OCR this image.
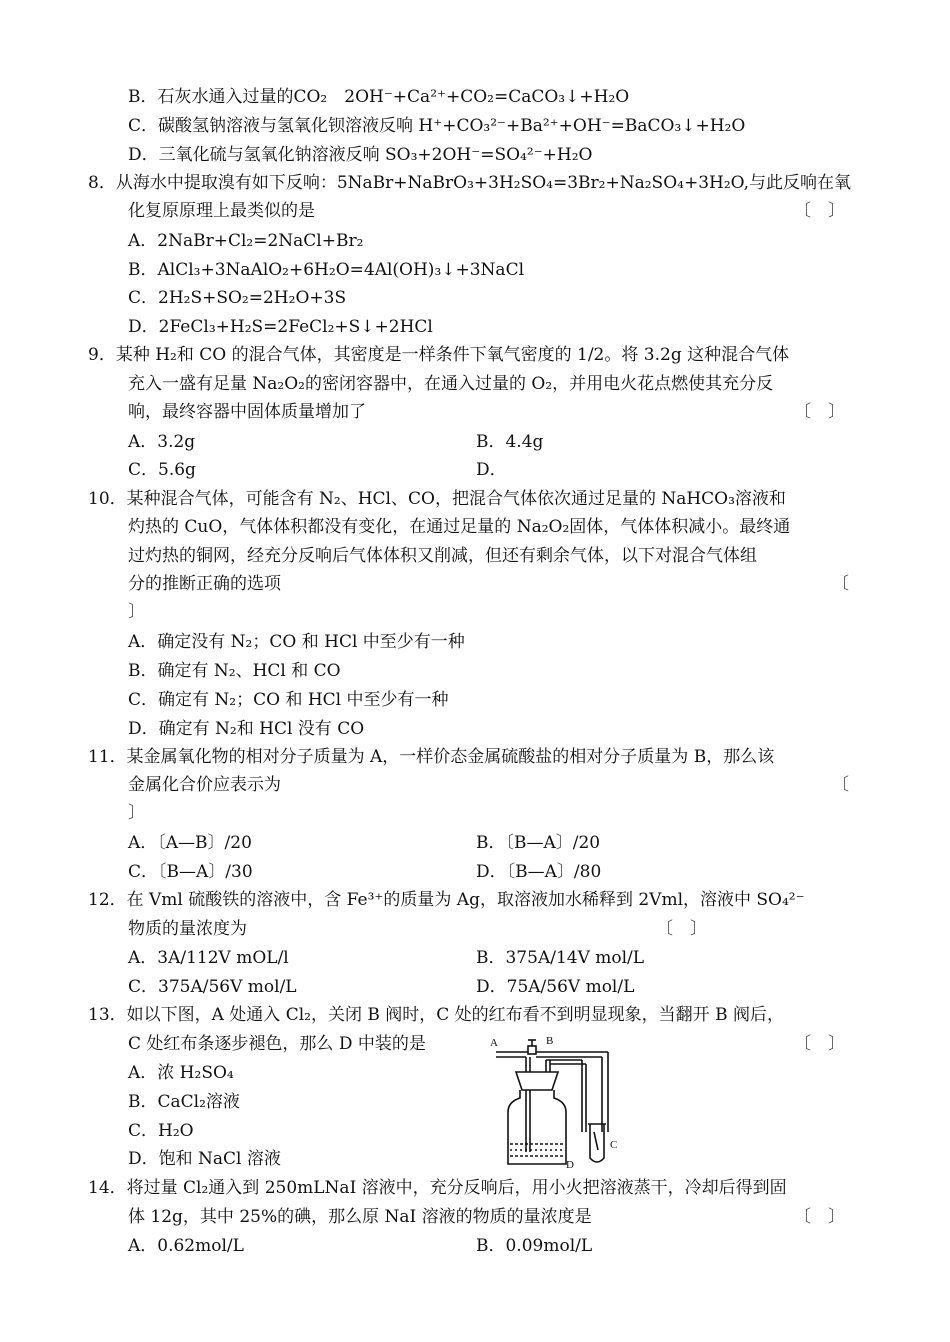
B．石灰水通入过量的CO₂　2OH⁻+Ca²⁺+CO₂=CaCO₃↓+H₂O
C．碳酸氢钠溶液与氢氧化钡溶液反响 H⁺+CO₃²⁻+Ba²⁺+OH⁻=BaCO₃↓+H₂O
D．三氧化硫与氢氧化钠溶液反响 SO₃+2OH⁻=SO₄²⁻+H₂O
8．从海水中提取溴有如下反响：5NaBr+NaBrO₃+3H₂SO₄=3Br₂+Na₂SO₄+3H₂O,与此反响在氧
化复原原理上最类似的是	〔　〕
A．2NaBr+Cl₂=2NaCl+Br₂
B．AlCl₃+3NaAlO₂+6H₂O=4Al(OH)₃↓+3NaCl
C．2H₂S+SO₂=2H₂O+3S
D．2FeCl₃+H₂S=2FeCl₂+S↓+2HCl
9．某种 H₂和 CO 的混合气体，其密度是一样条件下氧气密度的 1/2。将 3.2g 这种混合气体
充入一盛有足量 Na₂O₂的密闭容器中，在通入过量的 O₂，并用电火花点燃使其充分反
响，最终容器中固体质量增加了	〔　〕
A．3.2g	B．4.4g
C．5.6g	D．
10．某种混合气体，可能含有 N₂、HCl、CO，把混合气体依次通过足量的 NaHCO₃溶液和
灼热的 CuO，气体体积都没有变化，在通过足量的 Na₂O₂固体，气体体积减小。最终通
过灼热的铜网，经充分反响后气体体积又削减，但还有剩余气体，以下对混合气体组
分的推断正确的选项	〔
〕
A．确定没有 N₂；CO 和 HCl 中至少有一种
B．确定有 N₂、HCl 和 CO
C．确定有 N₂；CO 和 HCl 中至少有一种
D．确定有 N₂和 HCl 没有 CO
11．某金属氧化物的相对分子质量为 A，一样价态金属硫酸盐的相对分子质量为 B，那么该
金属化合价应表示为	〔
〕
A．〔A—B〕/20	B．〔B—A〕/20
C．〔B—A〕/30	D．〔B—A〕/80
12．在 Vml 硫酸铁的溶液中，含 Fe³⁺的质量为 Ag，取溶液加水稀释到 2Vml，溶液中 SO₄²⁻
物质的量浓度为	〔　〕
A．3A/112V mOL/l	B．375A/14V mol/L
C．375A/56V mol/L	D．75A/56V mol/L
13．如以下图，A 处通入 Cl₂，关闭 B 阀时，C 处的红布看不到明显现象，当翻开 B 阀后，
C 处红布条逐步褪色，那么 D 中装的是	〔　〕
A．浓 H₂SO₄
B．CaCl₂溶液
C．H₂O
D．饱和 NaCl 溶液
A	B
C
D
14．将过量 Cl₂通入到 250mLNaI 溶液中，充分反响后，用小火把溶液蒸干，冷却后得到固
体 12g，其中 25%的碘，那么原 NaI 溶液的物质的量浓度是	〔　〕
A．0.62mol/L	B．0.09mol/L
